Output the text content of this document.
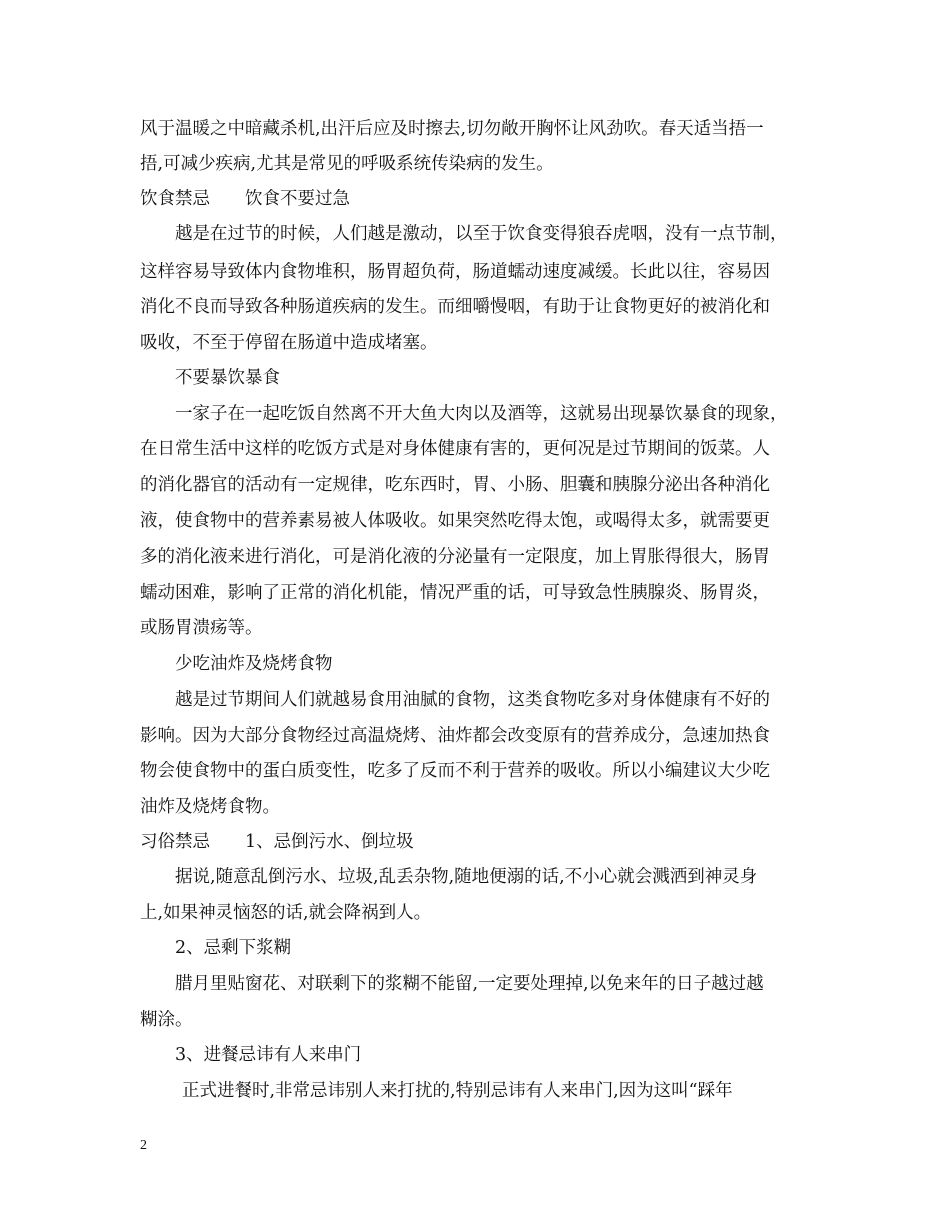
风于温暖之中暗藏杀机,出汗后应及时擦去,切勿敞开胸怀让风劲吹。春天适当捂一
捂,可减少疾病,尤其是常见的呼吸系统传染病的发生。
饮食禁忌　　饮食不要过急
越是在过节的时候，人们越是激动，以至于饮食变得狼吞虎咽，没有一点节制，
这样容易导致体内食物堆积，肠胃超负荷，肠道蠕动速度减缓。长此以往，容易因
消化不良而导致各种肠道疾病的发生。而细嚼慢咽，有助于让食物更好的被消化和
吸收，不至于停留在肠道中造成堵塞。
不要暴饮暴食
一家子在一起吃饭自然离不开大鱼大肉以及酒等，这就易出现暴饮暴食的现象，
在日常生活中这样的吃饭方式是对身体健康有害的，更何况是过节期间的饭菜。人
的消化器官的活动有一定规律，吃东西时，胃、小肠、胆囊和胰腺分泌出各种消化
液，使食物中的营养素易被人体吸收。如果突然吃得太饱，或喝得太多，就需要更
多的消化液来进行消化，可是消化液的分泌量有一定限度，加上胃胀得很大，肠胃
蠕动困难，影响了正常的消化机能，情况严重的话，可导致急性胰腺炎、肠胃炎，
或肠胃溃疡等。
少吃油炸及烧烤食物
越是过节期间人们就越易食用油腻的食物，这类食物吃多对身体健康有不好的
影响。因为大部分食物经过高温烧烤、油炸都会改变原有的营养成分，急速加热食
物会使食物中的蛋白质变性，吃多了反而不利于营养的吸收。所以小编建议大少吃
油炸及烧烤食物。
习俗禁忌　　1、忌倒污水、倒垃圾
据说,随意乱倒污水、垃圾,乱丢杂物,随地便溺的话,不小心就会溅洒到神灵身
上,如果神灵恼怒的话,就会降祸到人。
2、忌剩下浆糊
腊月里贴窗花、对联剩下的浆糊不能留,一定要处理掉,以免来年的日子越过越
糊涂。
3、进餐忌讳有人来串门
正式进餐时,非常忌讳别人来打扰的,特别忌讳有人来串门,因为这叫“踩年
2
